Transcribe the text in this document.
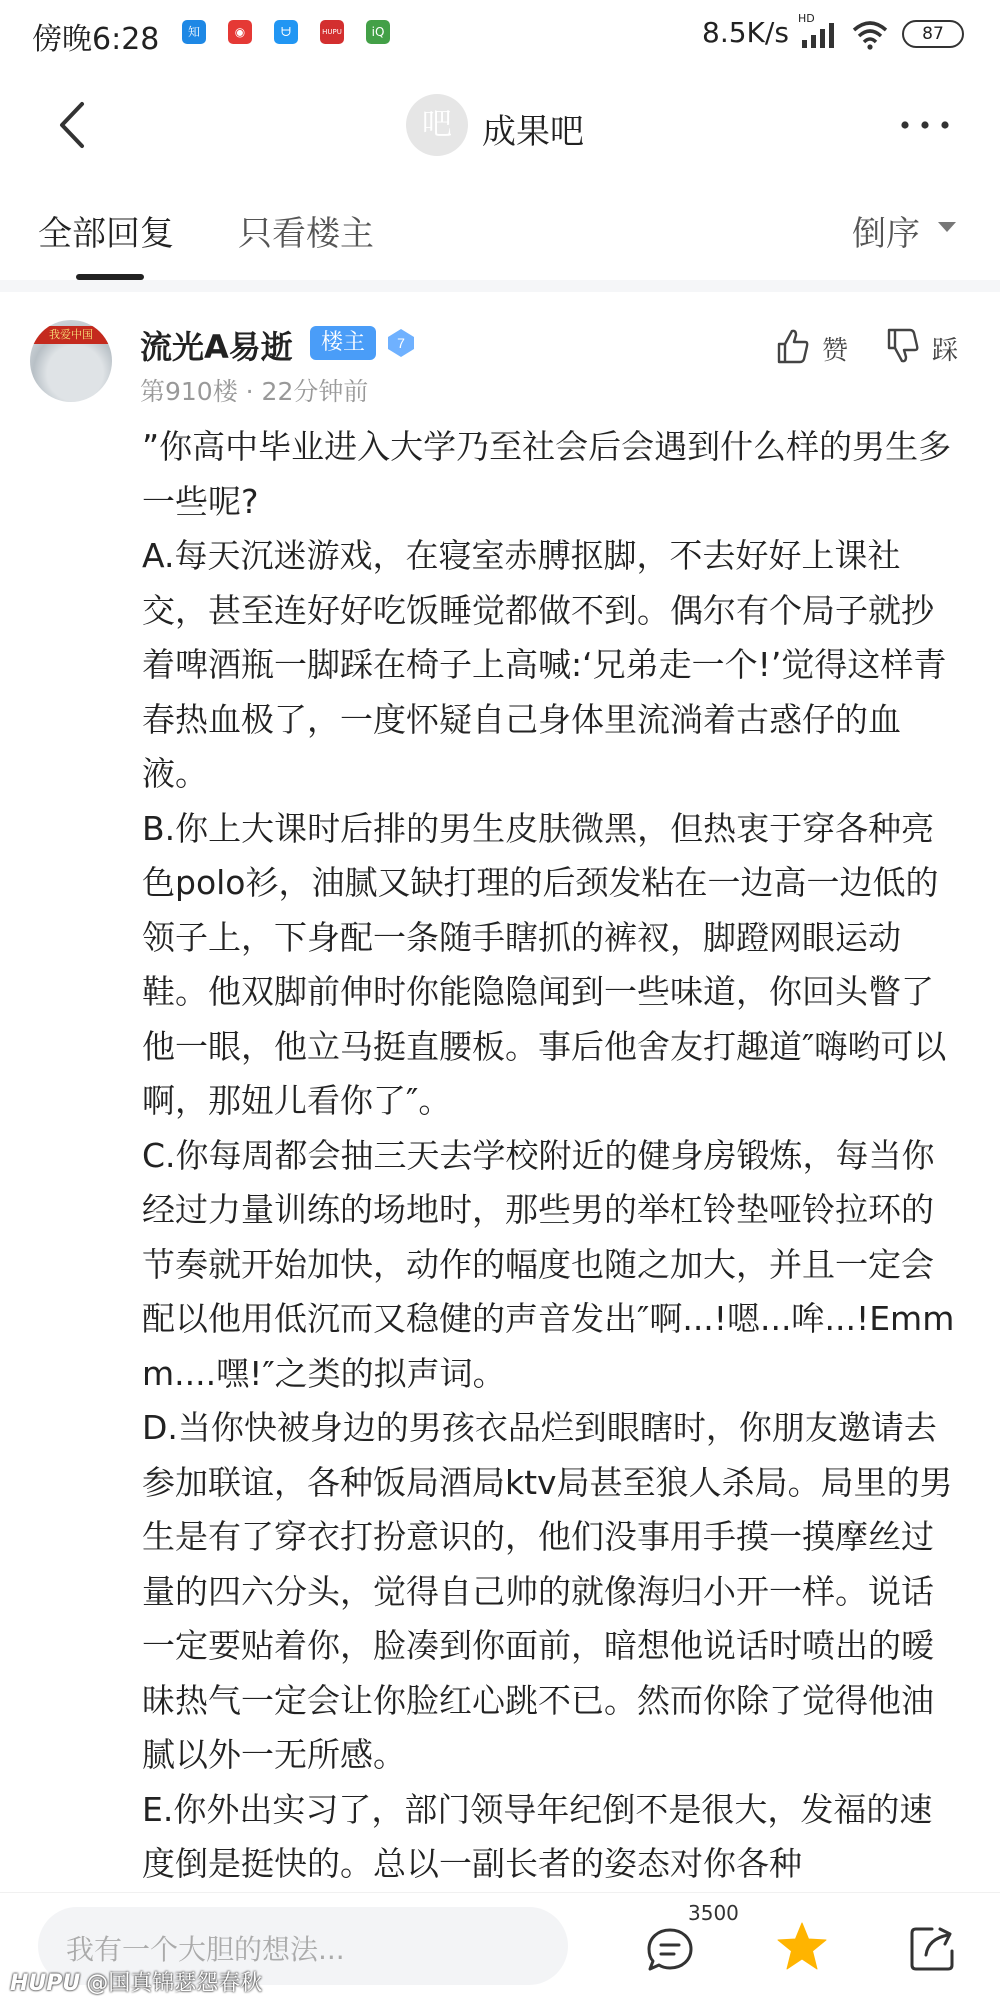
傍晚6:28	知	◉	ᗨ	HUPU	iQ	8.5K/s HD
87
吧 成果吧
全部回复 只看楼主	倒序
我爱中国	流光A易逝	楼主	7
第910楼 · 22分钟前
赞	踩

”你高中毕业进入大学乃至社会后会遇到什么样的男生多一些呢?

A.每天沉迷游戏，在寝室赤膊抠脚，不去好好上课社交，甚至连好好吃饭睡觉都做不到。偶尔有个局子就抄着啤酒瓶一脚踩在椅子上高喊:‘兄弟走一个!’觉得这样青春热血极了，一度怀疑自己身体里流淌着古惑仔的血液。

B.你上大课时后排的男生皮肤微黑，但热衷于穿各种亮色polo衫，油腻又缺打理的后颈发粘在一边高一边低的领子上，下身配一条随手瞎抓的裤衩，脚蹬网眼运动鞋。他双脚前伸时你能隐隐闻到一些味道，你回头瞥了他一眼，他立马挺直腰板。事后他舍友打趣道″嗨哟可以啊，那妞儿看你了″。

C.你每周都会抽三天去学校附近的健身房锻炼，每当你经过力量训练的场地时，那些男的举杠铃垫哑铃拉环的节奏就开始加快，动作的幅度也随之加大，并且一定会配以他用低沉而又稳健的声音发出″啊...!嗯...哞...!Emmm....嘿!″之类的拟声词。

D.当你快被身边的男孩衣品烂到眼瞎时，你朋友邀请去参加联谊，各种饭局酒局ktv局甚至狼人杀局。局里的男生是有了穿衣打扮意识的，他们没事用手摸一摸摩丝过量的四六分头，觉得自己帅的就像海归小开一样。说话一定要贴着你，脸凑到你面前，暗想他说话时喷出的暧昧热气一定会让你脸红心跳不已。然而你除了觉得他油腻以外一无所感。

E.你外出实习了，部门领导年纪倒不是很大，发福的速度倒是挺快的。总以一副长者的姿态对你各种

我有一个大胆的想法...
3500
HUPU @国真锦瑟怨春秋
